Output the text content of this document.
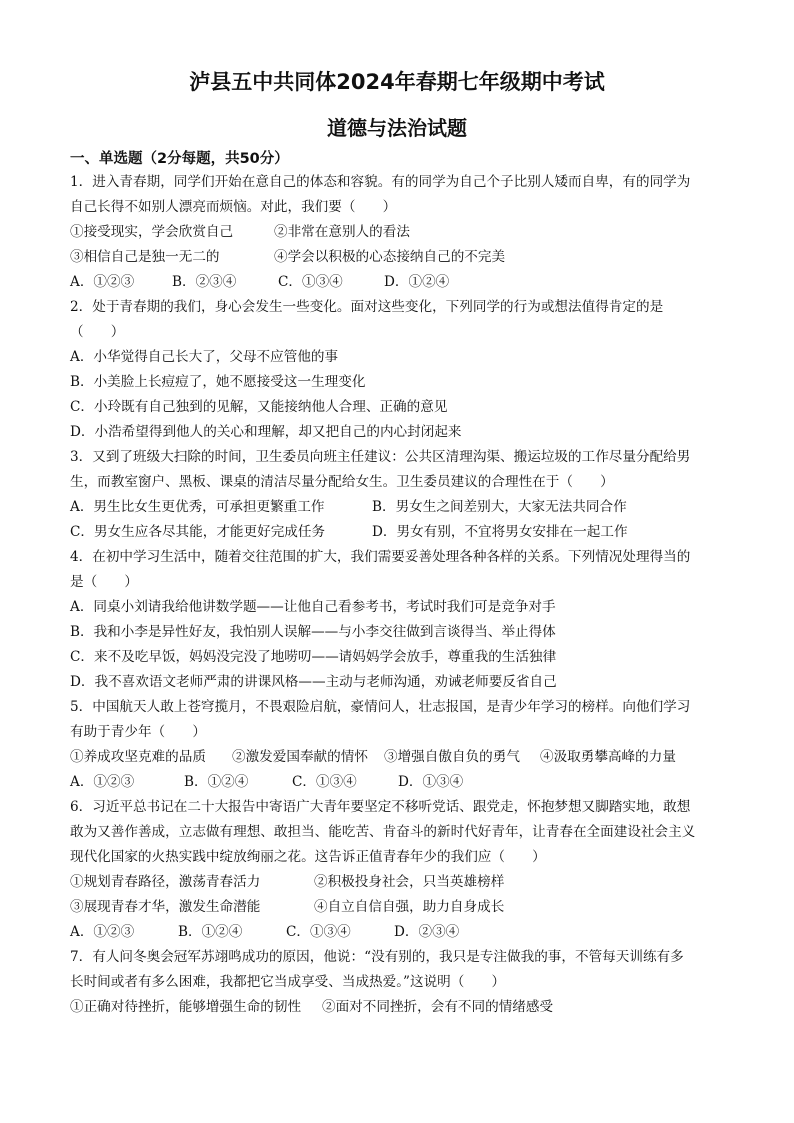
泸县五中共同体2024年春期七年级期中考试
道德与法治试题
一、单选题（2分每题，共50分）
1．进入青春期，同学们开始在意自己的体态和容貌。有的同学为自己个子比别人矮而自卑，有的同学为
自己长得不如别人漂亮而烦恼。对此，我们要（　　）
①接受现实，学会欣赏自己	②非常在意别人的看法
③相信自己是独一无二的	④学会以积极的心态接纳自己的不完美
A．①②③	B．②③④	C．①③④	D．①②④
2．处于青春期的我们，身心会发生一些变化。面对这些变化，下列同学的行为或想法值得肯定的是
（　　）
A．小华觉得自己长大了，父母不应管他的事
B．小美脸上长痘痘了，她不愿接受这一生理变化
C．小玲既有自己独到的见解，又能接纳他人合理、正确的意见
D．小浩希望得到他人的关心和理解，却又把自己的内心封闭起来
3．又到了班级大扫除的时间，卫生委员向班主任建议：公共区清理沟渠、搬运垃圾的工作尽量分配给男
生，而教室窗户、黑板、课桌的清洁尽量分配给女生。卫生委员建议的合理性在于（　　）
A．男生比女生更优秀，可承担更繁重工作	B．男女生之间差别大，大家无法共同合作
C．男女生应各尽其能，才能更好完成任务	D．男女有别，不宜将男女安排在一起工作
4．在初中学习生活中，随着交往范围的扩大，我们需要妥善处理各种各样的关系。下列情况处理得当的
是（　　）
A．同桌小刘请我给他讲数学题——让他自己看参考书，考试时我们可是竞争对手
B．我和小李是异性好友，我怕别人误解——与小李交往做到言谈得当、举止得体
C．来不及吃早饭，妈妈没完没了地唠叨——请妈妈学会放手，尊重我的生活独律
D．我不喜欢语文老师严肃的讲课风格——主动与老师沟通，劝诫老师要反省自己
5．中国航天人敢上苍穹揽月，不畏艰险启航，豪情问人，壮志报国，是青少年学习的榜样。向他们学习
有助于青少年（　　）
①养成攻坚克难的品质 ②激发爱国奉献的情怀 ③增强自傲自负的勇气 ④汲取勇攀高峰的力量
A．①②③	B．①②④	C．①③④	D．①③④
6．习近平总书记在二十大报告中寄语广大青年要坚定不移听党话、跟党走，怀抱梦想又脚踏实地，敢想
敢为又善作善成，立志做有理想、敢担当、能吃苦、肯奋斗的新时代好青年，让青春在全面建设社会主义
现代化国家的火热实践中绽放绚丽之花。这告诉正值青春年少的我们应（　　）
①规划青春路径，激荡青春活力	②积极投身社会，只当英雄榜样
③展现青春才华，激发生命潜能	④自立自信自强，助力自身成长
A．①②③	B．①②④	C．①③④	D．②③④
7．有人问冬奥会冠军苏翊鸣成功的原因，他说：“没有别的，我只是专注做我的事，不管每天训练有多
长时间或者有多么困难，我都把它当成享受、当成热爱。”这说明（　　）
①正确对待挫折，能够增强生命的韧性 ②面对不同挫折，会有不同的情绪感受
